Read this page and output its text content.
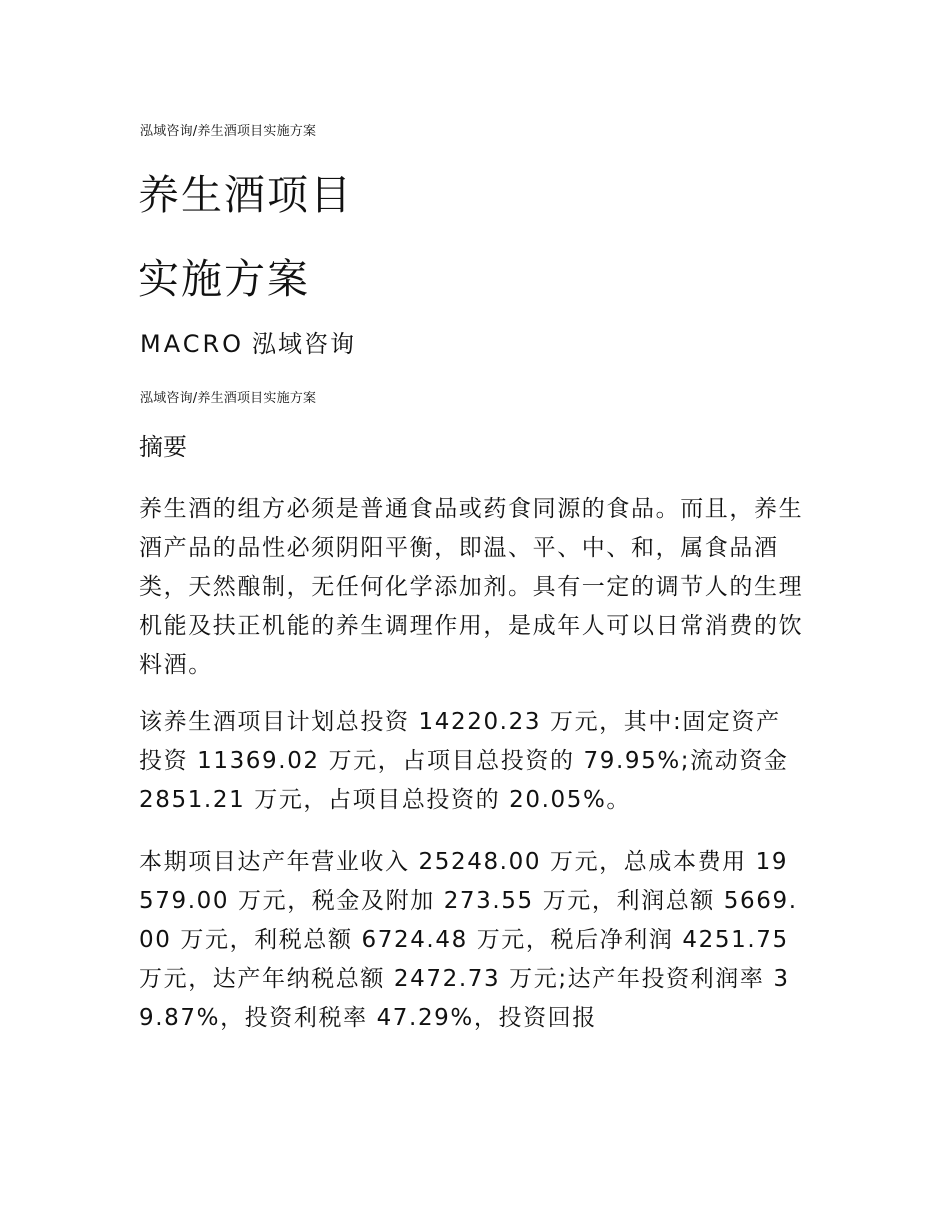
泓域咨询/养生酒项目实施方案
养生酒项目
实施方案
MACRO 泓域咨询
泓域咨询/养生酒项目实施方案
摘要

养生酒的组方必须是普通食品或药食同源的食品。而且，养生酒产品的品性必须阴阳平衡，即温、平、中、和，属食品酒类，天然酿制，无任何化学添加剂。具有一定的调节人的生理机能及扶正机能的养生调理作用，是成年人可以日常消费的饮料酒。

该养生酒项目计划总投资 14220.23 万元，其中:固定资产投资 11369.02 万元，占项目总投资的 79.95%;流动资金 2851.21 万元，占项目总投资的 20.05%。

本期项目达产年营业收入 25248.00 万元，总成本费用 19579.00 万元，税金及附加 273.55 万元，利润总额 5669.00 万元，利税总额 6724.48 万元，税后净利润 4251.75 万元，达产年纳税总额 2472.73 万元;达产年投资利润率 39.87%，投资利税率 47.29%，投资回报
